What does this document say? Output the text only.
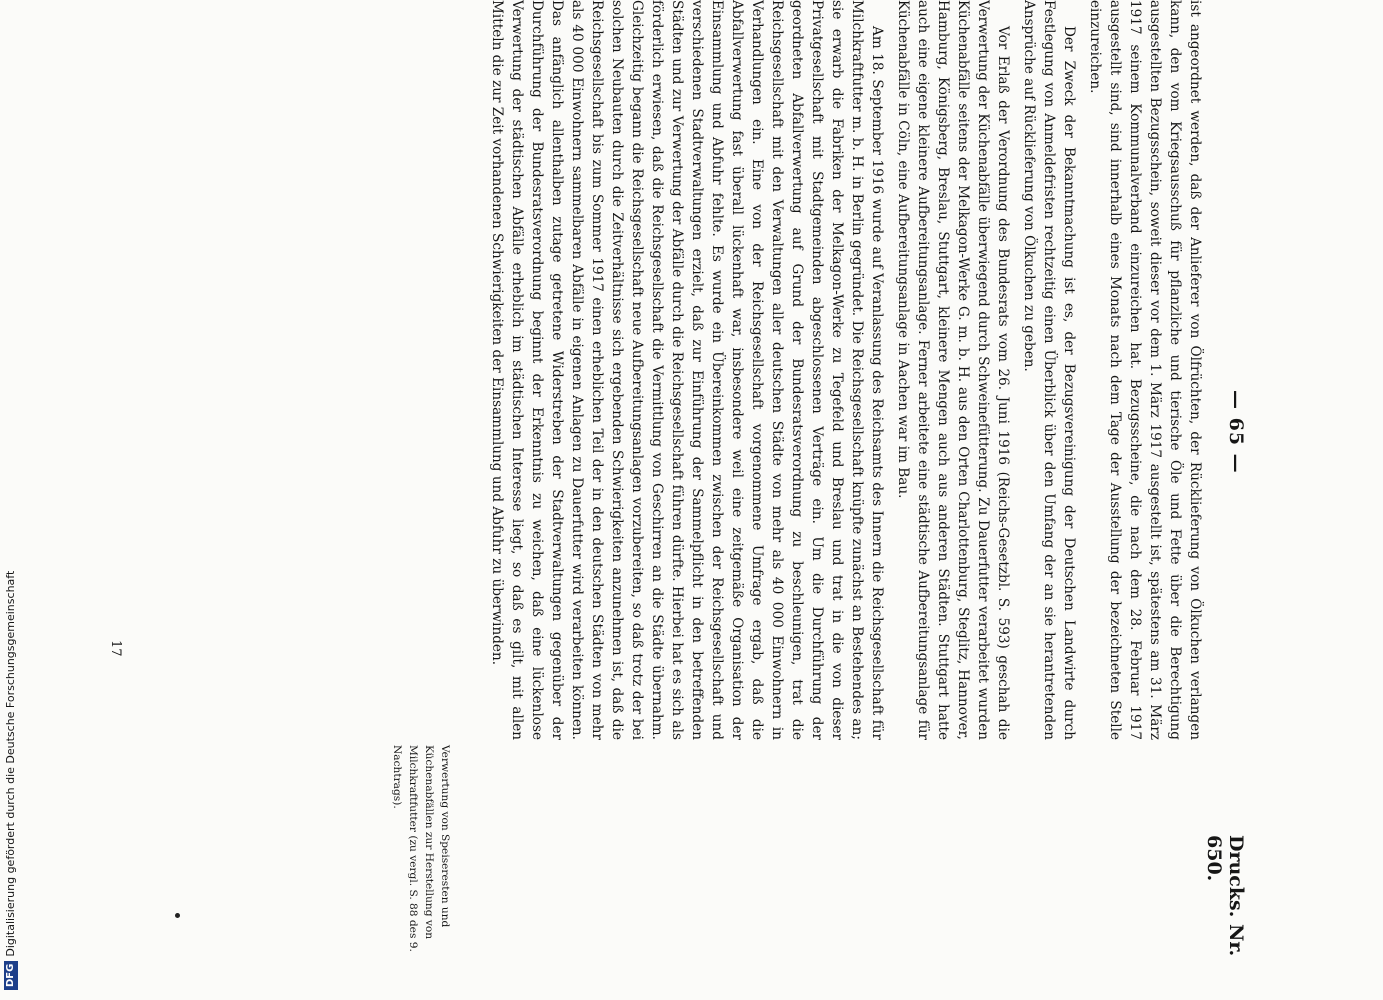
DFGDigitalisierung gefördert durch die Deutsche Forschungsgemeinschaft
— 65 —
Drucks. Nr. 650.

ist angeordnet werden, daß der Anlieferer von Ölfrüchten, der Rücklieferung von Ölkuchen verlangen kann, den vom Kriegsausschuß für pflanzliche und tierische Öle und Fette über die Berechtigung ausgestellten Bezugsschein, soweit dieser vor dem 1. März 1917 ausgestellt ist, spätestens am 31. März 1917 seinem Kommunalverband einzureichen hat. Bezugsscheine, die nach dem 28. Februar 1917 ausgestellt sind, sind innerhalb eines Monats nach dem Tage der Ausstellung der bezeichneten Stelle einzureichen.

Der Zweck der Bekanntmachung ist es, der Bezugsvereinigung der Deutschen Landwirte durch Festlegung von Anmeldefristen rechtzeitig einen Überblick über den Umfang der an sie herantretenden Ansprüche auf Rücklieferung von Ölkuchen zu geben.

Vor Erlaß der Verordnung des Bundesrats vom 26. Juni 1916 (Reichs-Gesetzbl. S. 593) geschah die Verwertung der Küchenabfälle überwiegend durch Schweinefütterung. Zu Dauerfutter verarbeitet wurden Küchenabfälle seitens der Melkagon-Werke G. m. b. H. aus den Orten Charlottenburg, Steglitz, Hannover, Hamburg, Königsberg, Breslau, Stuttgart, kleinere Mengen auch aus anderen Städten. Stuttgart hatte auch eine eigene kleinere Aufbereitungsanlage. Ferner arbeitete eine städtische Aufbereitungsanlage für Küchenabfälle in Cöln, eine Aufbereitungsanlage in Aachen war im Bau.

Am 18. September 1916 wurde auf Veranlassung des Reichsamts des Innern die Reichsgesellschaft für Milchkraftfutter m. b. H. in Berlin gegründet. Die Reichsgesellschaft knüpfte zunächst an Bestehendes an; sie erwarb die Fabriken der Melkagon-Werke zu Tegefeld und Breslau und trat in die von dieser Privatgesellschaft mit Stadtgemeinden abgeschlossenen Verträge ein. Um die Durchführung der geordneten Abfallverwertung auf Grund der Bundesratsverordnung zu beschleunigen, trat die Reichsgesellschaft mit den Verwaltungen aller deutschen Städte von mehr als 40 000 Einwohnern in Verhandlungen ein. Eine von der Reichsgesellschaft vorgenommene Umfrage ergab, daß die Abfallverwertung fast überall lückenhaft war, insbesondere weil eine zeitgemäße Organisation der Einsammlung und Abfuhr fehlte. Es wurde ein Übereinkommen zwischen der Reichsgesellschaft und verschiedenen Stadtverwaltungen erzielt, daß zur Einführung der Sammelpflicht in den betreffenden Städten und zur Verwertung der Abfälle durch die Reichsgesellschaft führen dürfte. Hierbei hat es sich als förderlich erwiesen, daß die Reichsgesellschaft die Vermittlung von Geschirren an die Städte übernahm. Gleichzeitig begann die Reichsgesellschaft neue Aufbereitungsanlagen vorzubereiten, so daß trotz der bei solchen Neubauten durch die Zeitverhältnisse sich ergebenden Schwierigkeiten anzunehmen ist, daß die Reichsgesellschaft bis zum Sommer 1917 einen erheblichen Teil der in den deutschen Städten von mehr als 40 000 Einwohnern sammelbaren Abfälle in eigenen Anlagen zu Dauerfutter wird verarbeiten können. Das anfänglich allenthalben zutage getretene Widerstreben der Stadtverwaltungen gegenüber der Durchführung der Bundesratsverordnung beginnt der Erkenntnis zu weichen, daß eine lückenlose Verwertung der städtischen Abfälle erheblich im städtischen Interesse liegt, so daß es gilt, mit allen Mitteln die zur Zeit vorhandenen Schwierigkeiten der Einsammlung und Abfuhr zu überwinden.

Verwertung von Speiseresten und Küchenabfällen zur Herstellung von Milchkraftfutter (zu vergl. S. 88 des 9. Nachtrags).
17
